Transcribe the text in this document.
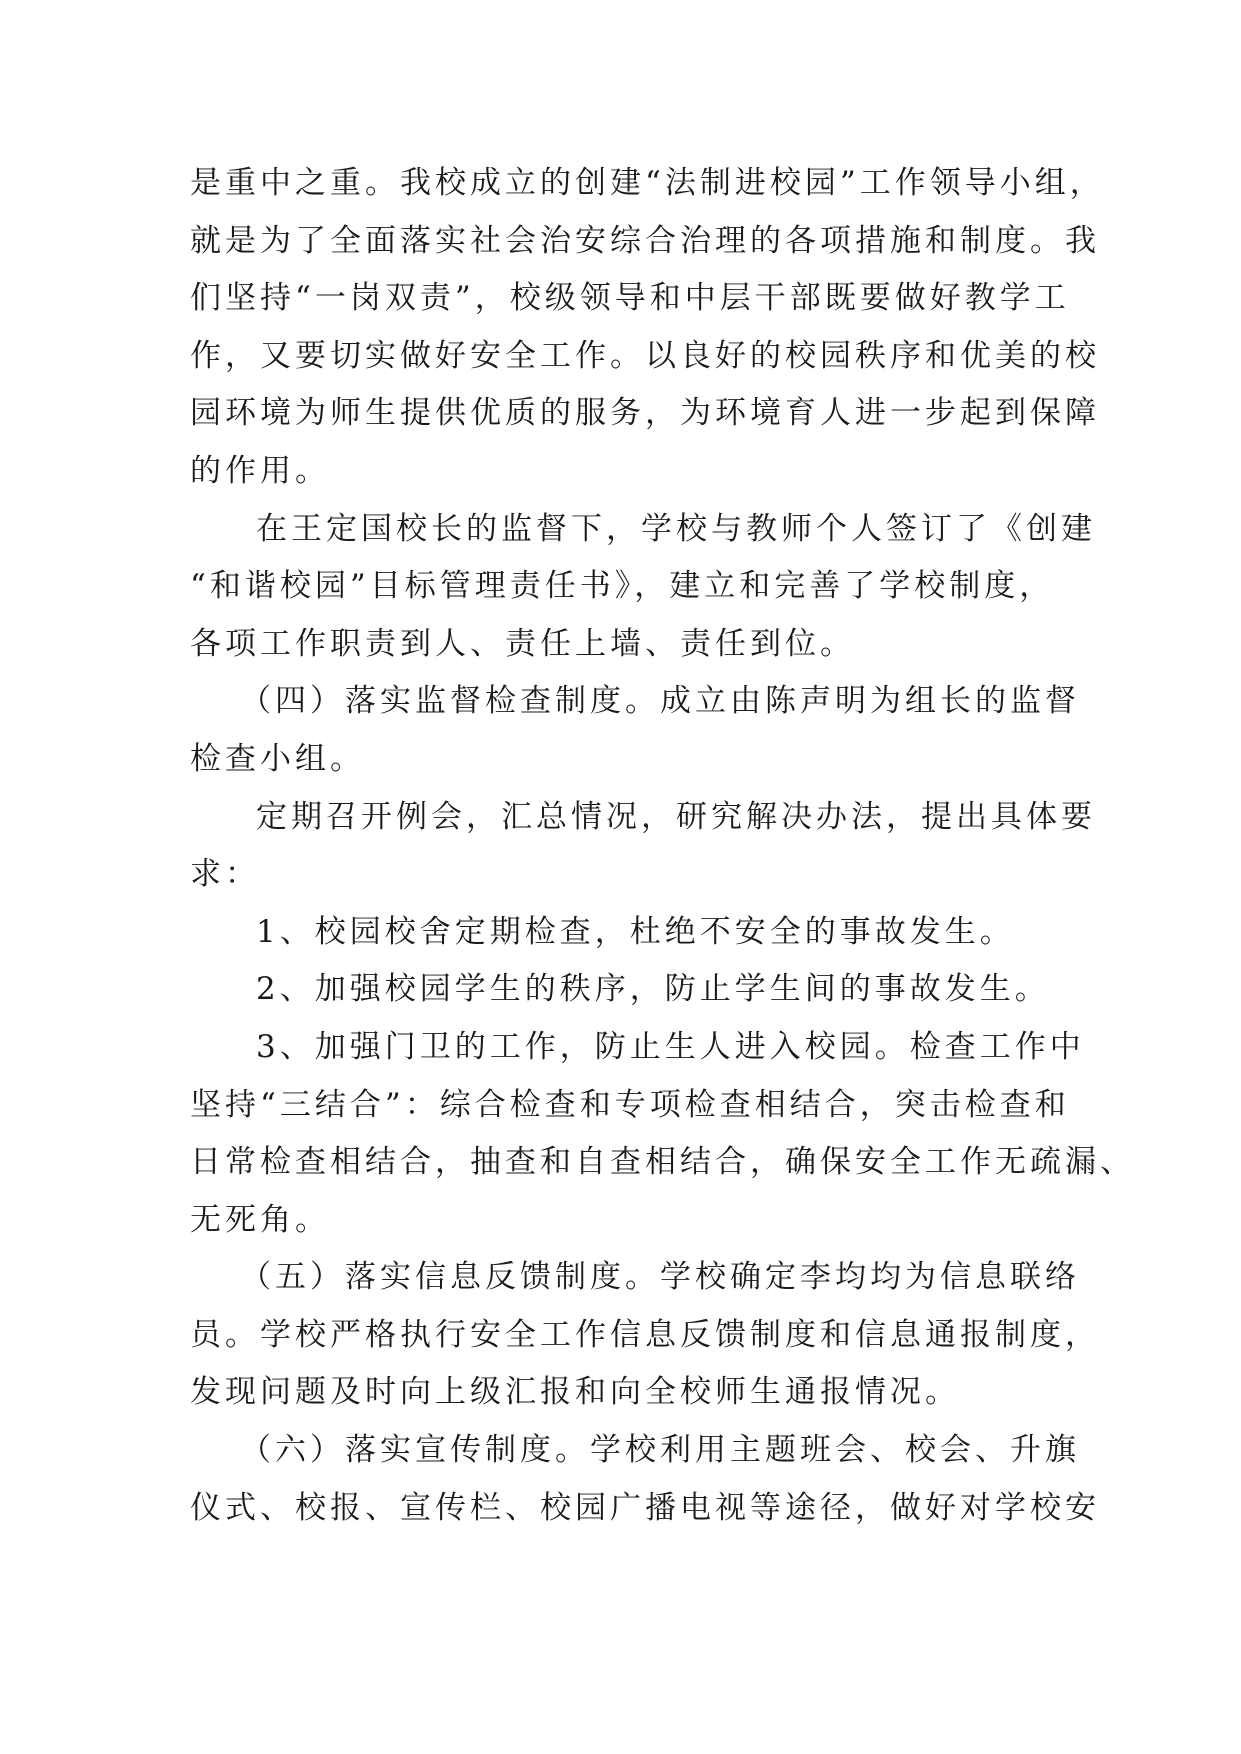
是重中之重。我校成立的创建“法制进校园”工作领导小组，
就是为了全面落实社会治安综合治理的各项措施和制度。我
们坚持“一岗双责”，校级领导和中层干部既要做好教学工
作，又要切实做好安全工作。以良好的校园秩序和优美的校
园环境为师生提供优质的服务，为环境育人进一步起到保障
的作用。
在王定国校长的监督下，学校与教师个人签订了《创建
“和谐校园”目标管理责任书》，建立和完善了学校制度，
各项工作职责到人、责任上墙、责任到位。
（四）落实监督检查制度。成立由陈声明为组长的监督
检查小组。
定期召开例会，汇总情况，研究解决办法，提出具体要
求：
1、校园校舍定期检查，杜绝不安全的事故发生。
2、加强校园学生的秩序，防止学生间的事故发生。
3、加强门卫的工作，防止生人进入校园。检查工作中
坚持“三结合”：综合检查和专项检查相结合，突击检查和
日常检查相结合，抽查和自查相结合，确保安全工作无疏漏、
无死角。
（五）落实信息反馈制度。学校确定李均均为信息联络
员。学校严格执行安全工作信息反馈制度和信息通报制度，
发现问题及时向上级汇报和向全校师生通报情况。
（六）落实宣传制度。学校利用主题班会、校会、升旗
仪式、校报、宣传栏、校园广播电视等途径，做好对学校安
